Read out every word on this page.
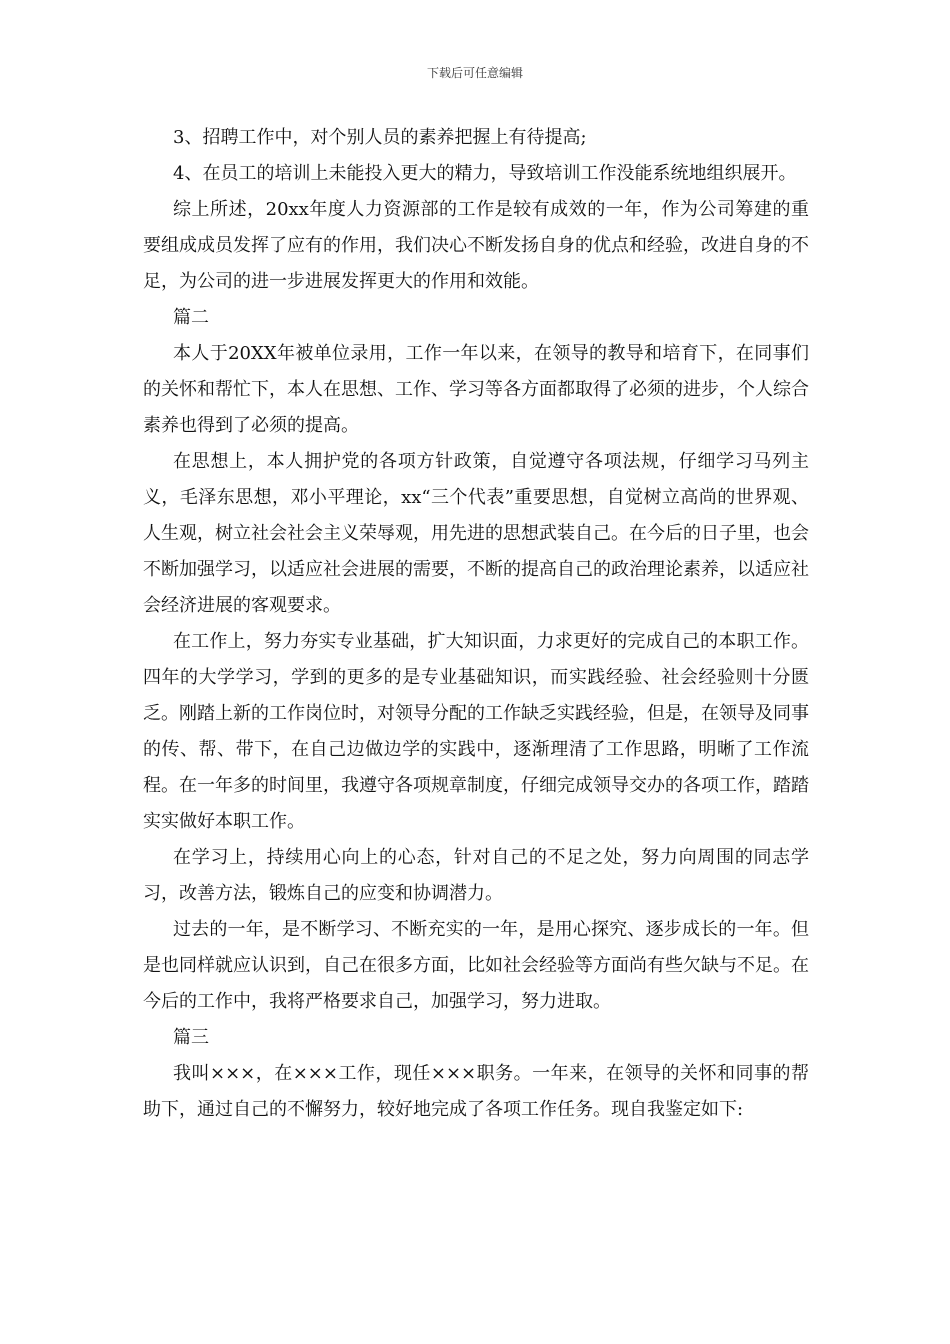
下载后可任意编辑

3、招聘工作中，对个别人员的素养把握上有待提高;

4、在员工的培训上未能投入更大的精力，导致培训工作没能系统地组织展开。

综上所述，20xx年度人力资源部的工作是较有成效的一年，作为公司筹建的重要组成成员发挥了应有的作用，我们决心不断发扬自身的优点和经验，改进自身的不足，为公司的进一步进展发挥更大的作用和效能。

篇二

本人于20XX年被单位录用，工作一年以来，在领导的教导和培育下，在同事们的关怀和帮忙下，本人在思想、工作、学习等各方面都取得了必须的进步，个人综合素养也得到了必须的提高。

在思想上，本人拥护党的各项方针政策，自觉遵守各项法规，仔细学习马列主义，毛泽东思想，邓小平理论，xx“三个代表”重要思想，自觉树立高尚的世界观、人生观，树立社会社会主义荣辱观，用先进的思想武装自己。在今后的日子里，也会不断加强学习，以适应社会进展的需要，不断的提高自己的政治理论素养，以适应社会经济进展的客观要求。

在工作上，努力夯实专业基础，扩大知识面，力求更好的完成自己的本职工作。四年的大学学习，学到的更多的是专业基础知识，而实践经验、社会经验则十分匮乏。刚踏上新的工作岗位时，对领导分配的工作缺乏实践经验，但是，在领导及同事的传、帮、带下，在自己边做边学的实践中，逐渐理清了工作思路，明晰了工作流程。在一年多的时间里，我遵守各项规章制度，仔细完成领导交办的各项工作，踏踏实实做好本职工作。

在学习上，持续用心向上的心态，针对自己的不足之处，努力向周围的同志学习，改善方法，锻炼自己的应变和协调潜力。

过去的一年，是不断学习、不断充实的一年，是用心探究、逐步成长的一年。但是也同样就应认识到，自己在很多方面，比如社会经验等方面尚有些欠缺与不足。在今后的工作中，我将严格要求自己，加强学习，努力进取。

篇三

我叫×××，在×××工作，现任×××职务。一年来，在领导的关怀和同事的帮助下，通过自己的不懈努力，较好地完成了各项工作任务。现自我鉴定如下:
